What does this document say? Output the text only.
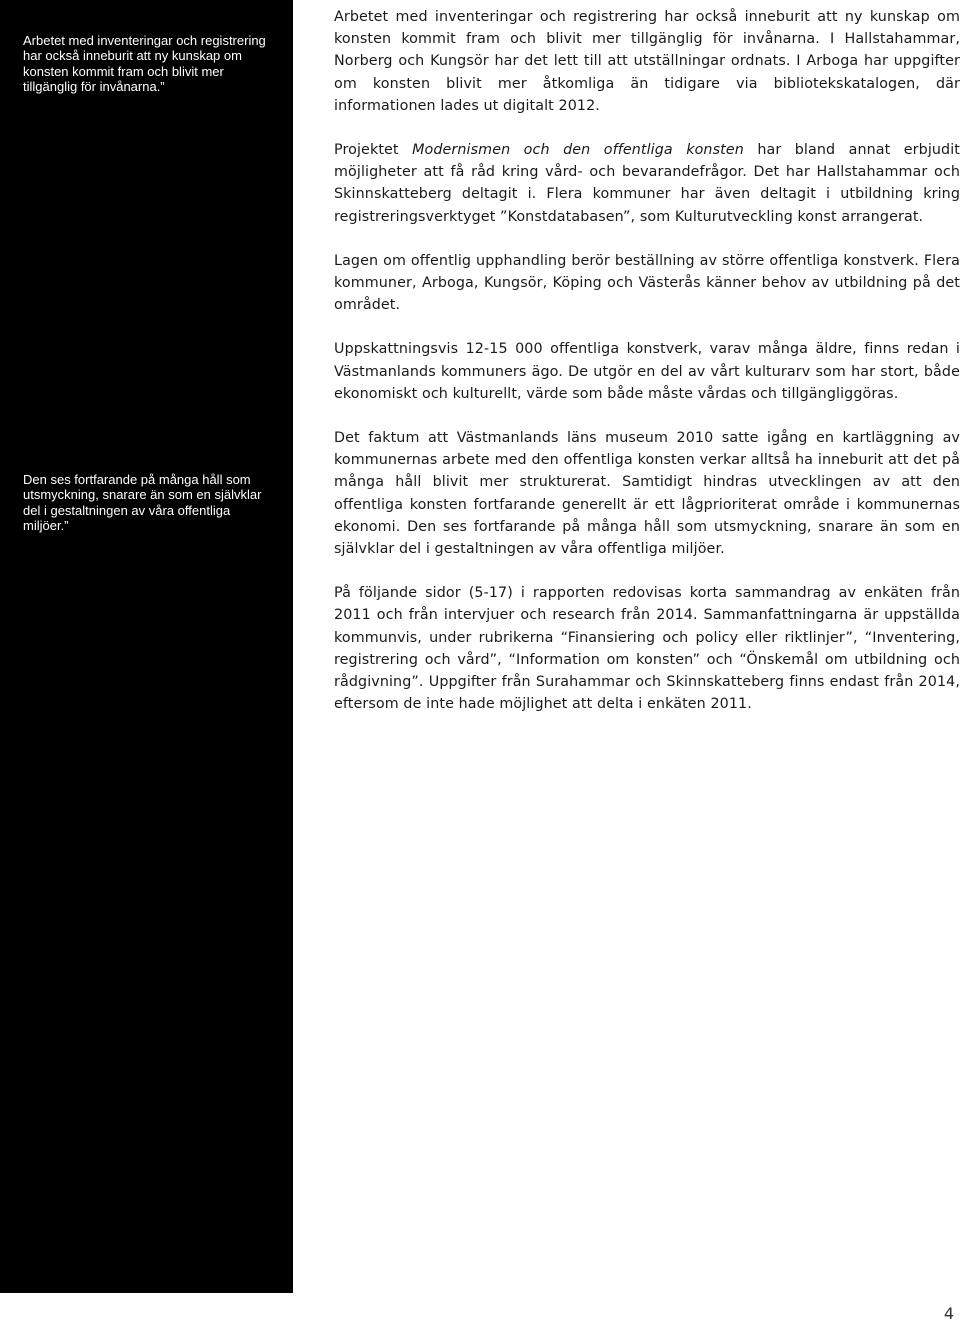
Arbetet med inventeringar och registrering har också inneburit att ny kunskap om konsten kommit fram och blivit mer tillgänglig för invånarna.”

Den ses fortfarande på många håll som utsmyckning, snarare än som en självklar del i gestaltningen av våra offentliga miljöer.”

Arbetet med inventeringar och registrering har också inneburit att ny kunskap om konsten kommit fram och blivit mer tillgänglig för invånarna. I Hallstahammar, Norberg och Kungsör har det lett till att utställningar ordnats. I Arboga har uppgifter om konsten blivit mer åtkomliga än tidigare via bibliotekskatalogen, där informationen lades ut digitalt 2012.

Projektet Modernismen och den offentliga konsten har bland annat erbjudit möjligheter att få råd kring vård- och bevarandefrågor. Det har Hallstahammar och Skinnskatteberg deltagit i. Flera kommuner har även deltagit i utbildning kring registreringsverktyget ”Konstdatabasen”, som Kulturutveckling konst arrangerat.

Lagen om offentlig upphandling berör beställning av större offentliga konstverk. Flera kommuner, Arboga, Kungsör, Köping och Västerås känner behov av utbildning på det området.

Uppskattningsvis 12-15 000 offentliga konstverk, varav många äldre, finns redan i Västmanlands kommuners ägo. De utgör en del av vårt kulturarv som har stort, både ekonomiskt och kulturellt, värde som både måste vårdas och tillgängliggöras.

Det faktum att Västmanlands läns museum 2010 satte igång en kartläggning av kommunernas arbete med den offentliga konsten verkar alltså ha inneburit att det på många håll blivit mer strukturerat. Samtidigt hindras utvecklingen av att den offentliga konsten fortfarande generellt är ett lågprioriterat område i kommunernas ekonomi. Den ses fortfarande på många håll som utsmyckning, snarare än som en självklar del i gestaltningen av våra offentliga miljöer.

På följande sidor (5-17) i rapporten redovisas korta sammandrag av enkäten från 2011 och från intervjuer och research från 2014. Sammanfattningarna är uppställda kommunvis, under rubrikerna “Finansiering och policy eller riktlinjer”, “Inventering, registrering och vård”, “Information om konsten” och “Önskemål om utbildning och rådgivning”. Uppgifter från Surahammar och Skinnskatteberg finns endast från 2014, eftersom de inte hade möjlighet att delta i enkäten 2011.

4
